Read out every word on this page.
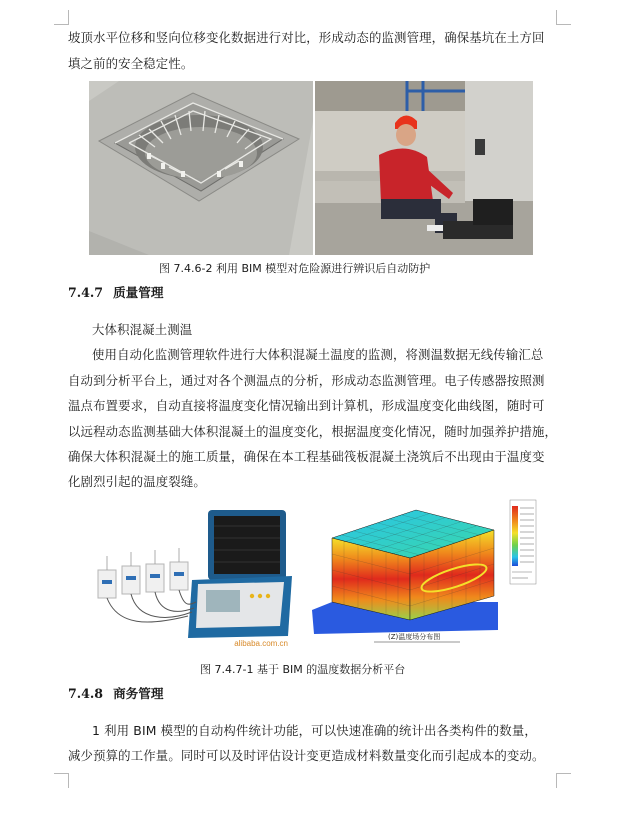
坡顶水平位移和竖向位移变化数据进行对比，形成动态的监测管理，确保基坑在土方回
填之前的安全稳定性。
图 7.4.6-2 利用 BIM 模型对危险源进行辨识后自动防护
7.4.7 质量管理
大体积混凝土测温
使用自动化监测管理软件进行大体积混凝土温度的监测，将测温数据无线传输汇总
自动到分析平台上，通过对各个测温点的分析，形成动态监测管理。电子传感器按照测
温点布置要求，自动直接将温度变化情况输出到计算机，形成温度变化曲线图，随时可
以远程动态监测基础大体积混凝土的温度变化，根据温度变化情况，随时加强养护措施，
确保大体积混凝土的施工质量，确保在本工程基础筏板混凝土浇筑后不出现由于温度变
化剧烈引起的温度裂缝。
alibaba.com.cn
(Z)温度场分布图
图 7.4.7-1 基于 BIM 的温度数据分析平台
7.4.8 商务管理
1 利用 BIM 模型的自动构件统计功能，可以快速准确的统计出各类构件的数量，
减少预算的工作量。同时可以及时评估设计变更造成材料数量变化而引起成本的变动。
